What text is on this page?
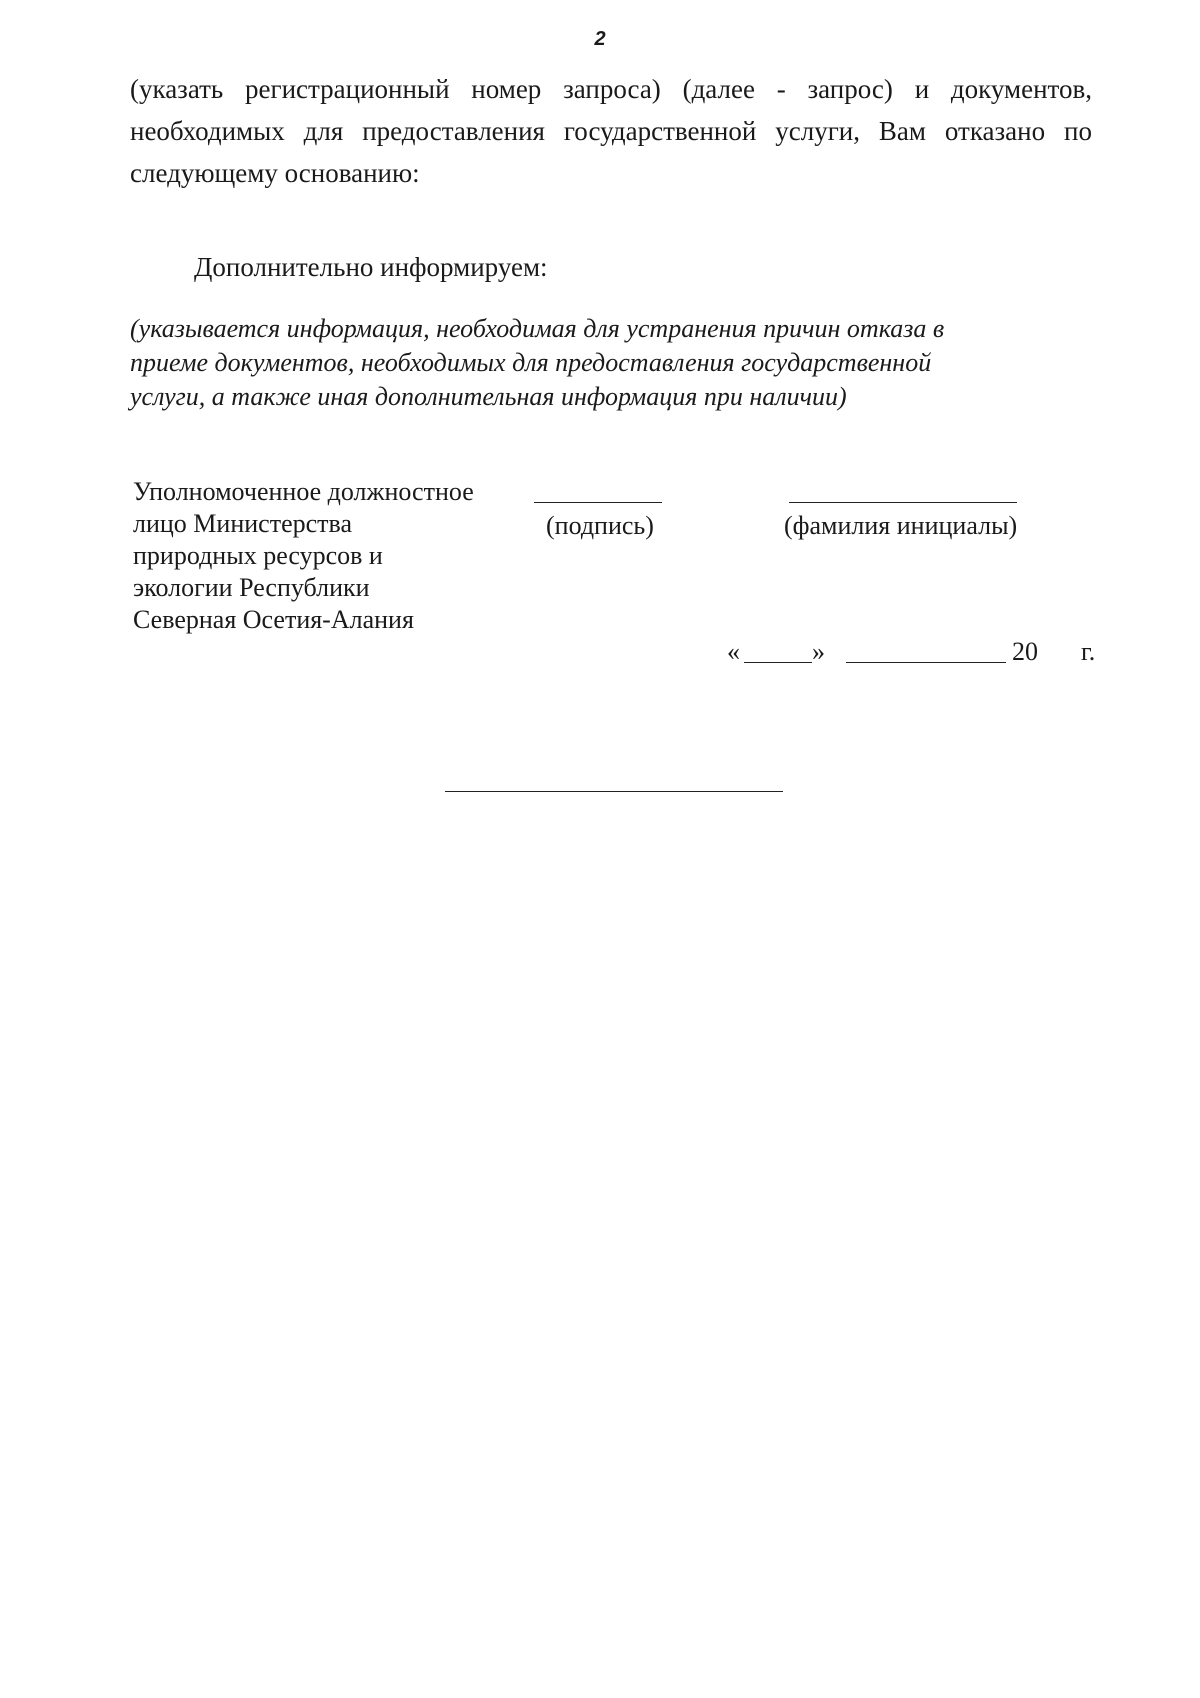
2
(указать регистрационный номер запроса) (далее - запрос) и документов,
необходимых для предоставления государственной услуги, Вам отказано по
следующему основанию:
Дополнительно информируем:
(указывается информация, необходимая для устранения причин отказа в
приеме документов, необходимых для предоставления государственной
услуги, а также иная дополнительная информация при наличии)
Уполномоченное должностное
лицо Министерства
природных ресурсов и
экологии Республики
Северная Осетия-Алания
(подпись)	(фамилия инициалы)
«	»	20 г.
